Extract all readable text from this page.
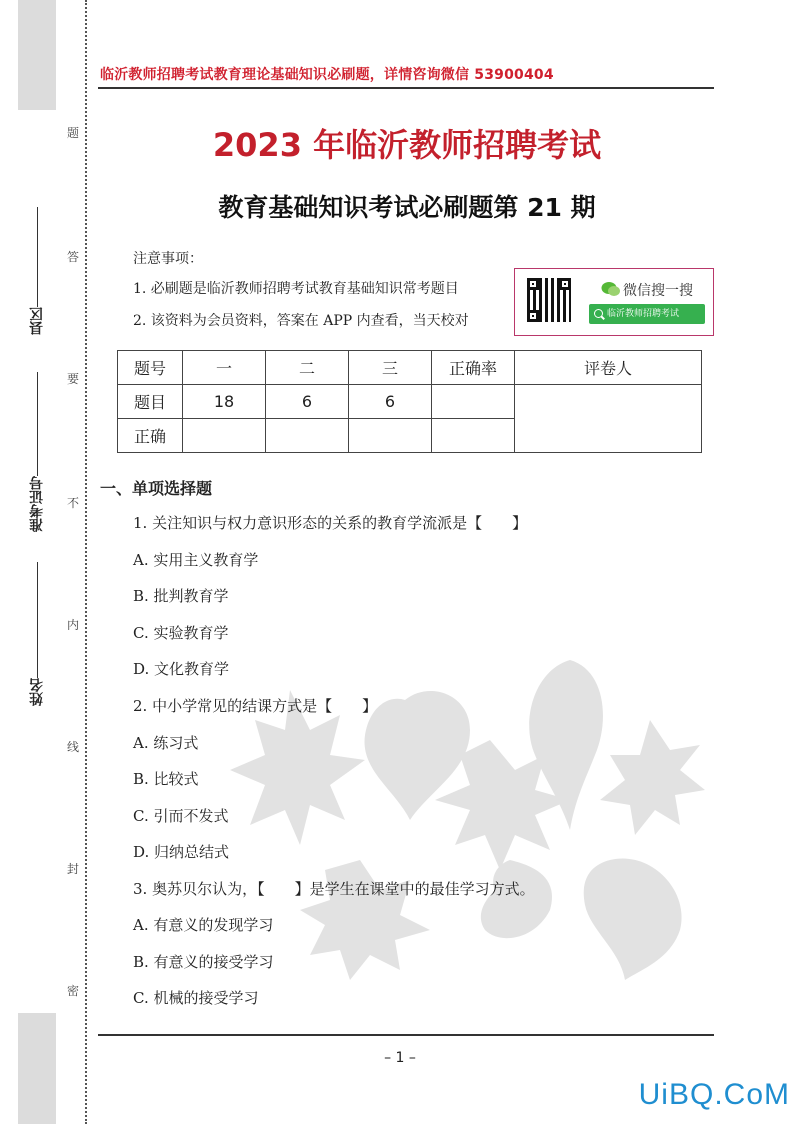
题
答
要
不
内
线
封
密
县区
准考证号
姓名
临沂教师招聘考试教育理论基础知识必刷题，详情咨询微信 53900404
2023 年临沂教师招聘考试
教育基础知识考试必刷题第 21 期
注意事项：
1. 必刷题是临沂教师招聘考试教育基础知识常考题目
2. 该资料为会员资料，答案在 APP 内查看，当天校对
微信搜一搜
临沂教师招聘考试
题号	一	二	三	正确率	评卷人
题目	18	6	6		
正确					
一、单项选择题
1. 关注知识与权力意识形态的关系的教育学流派是【　　】
A. 实用主义教育学
B. 批判教育学
C. 实验教育学
D. 文化教育学
2. 中小学常见的结课方式是【　　】
A. 练习式
B. 比较式
C. 引而不发式
D. 归纳总结式
3. 奥苏贝尔认为，【　　】是学生在课堂中的最佳学习方式。
A. 有意义的发现学习
B. 有意义的接受学习
C. 机械的接受学习
– 1 –
UiBQ.CoM
